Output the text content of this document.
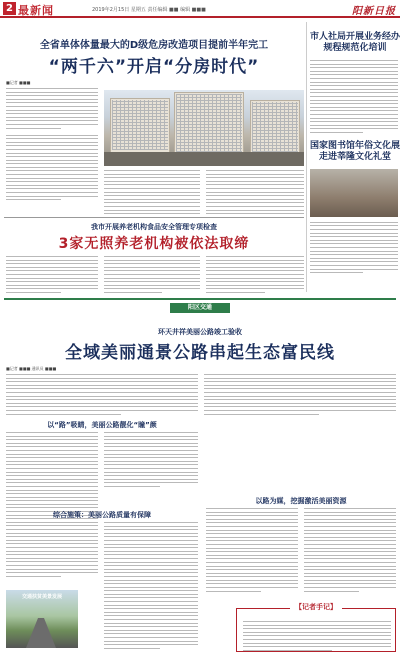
2 最新闻	2019年2月15日 星期五 责任编辑 ■■ 编辑 ■■■	阳新日报
全省单体体量最大的D级危房改造项目提前半年完工
“两千六”开启“分房时代”
■记者 ■■■
市人社局开展业务经办规程规范化培训
国家图书馆年俗文化展走进莘隆文化礼堂
我市开展养老机构食品安全管理专项检查
3家无照养老机构被依法取缔
阳区交通
环天井祥美丽公路竣工验收
全域美丽通景公路串起生态富民线
■记者 ■■■ 通讯员 ■■■
以“路”吸睛，美丽公路靓化“瞳”颜
综合施策：美丽公路质量有保障
交通扶贫美景发展
以路为媒，挖掘激活美丽资源
【记者手记】
